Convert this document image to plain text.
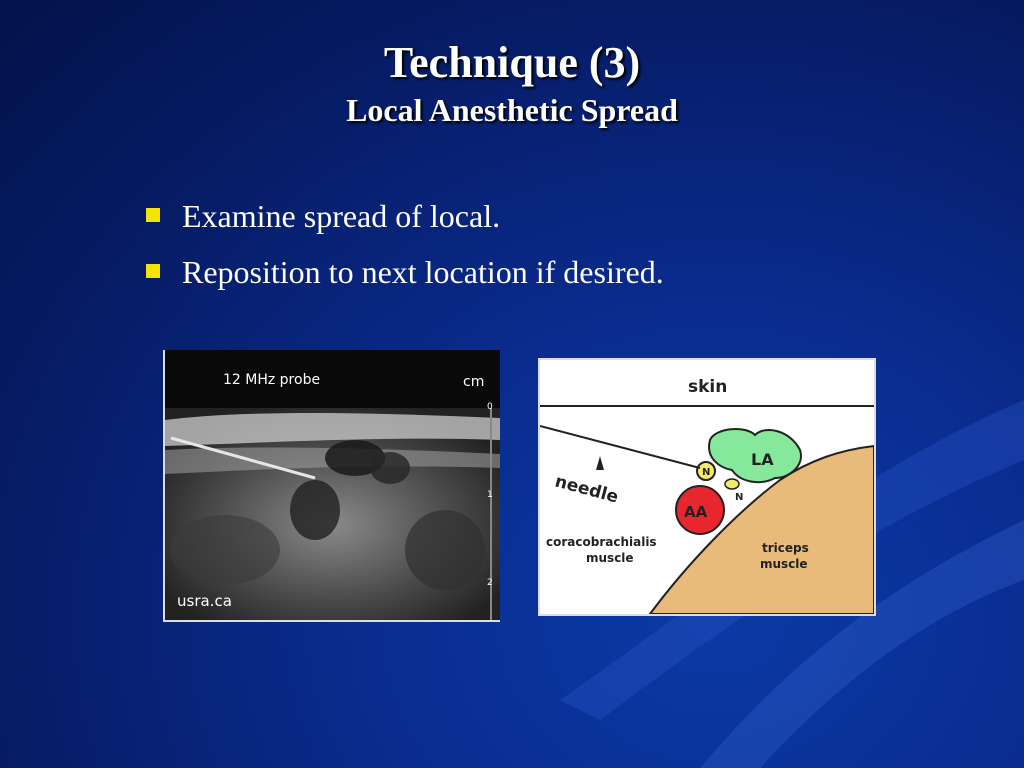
Technique (3)
Local Anesthetic Spread
Examine spread of local.
Reposition to next location if desired.
12 MHz probe	cm
0
1
2
usra.ca
skin
needle
LA
AA
N
N
coracobrachialis
muscle
triceps
muscle
